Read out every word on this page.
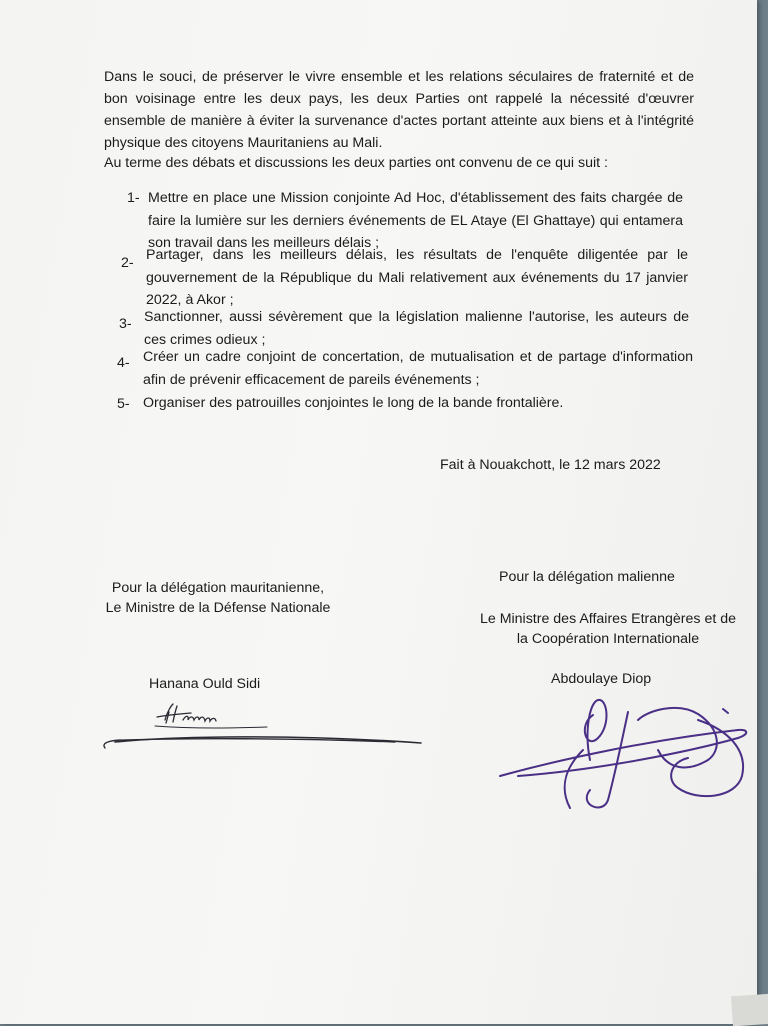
Dans le souci, de préserver le vivre ensemble et les relations séculaires de fraternité et de bon voisinage entre les deux pays, les deux Parties ont rappelé la nécessité d'œuvrer ensemble de manière à éviter la survenance d'actes portant atteinte aux biens et à l'intégrité physique des citoyens Mauritaniens au Mali.

Au terme des débats et discussions les deux parties ont convenu de ce qui suit :
1- Mettre en place une Mission conjointe Ad Hoc, d'établissement des faits chargée de faire la lumière sur les derniers événements de EL Ataye (El Ghattaye) qui entamera son travail dans les meilleurs délais ;

2- Partager, dans les meilleurs délais, les résultats de l'enquête diligentée par le gouvernement de la République du Mali relativement aux événements du 17 janvier 2022, à Akor ;

3- Sanctionner, aussi sévèrement que la législation malienne l'autorise, les auteurs de ces crimes odieux ;

4- Créer un cadre conjoint de concertation, de mutualisation et de partage d'information afin de prévenir efficacement de pareils événements ;

5- Organiser des patrouilles conjointes le long de la bande frontalière.

Fait à Nouakchott, le 12 mars 2022
Pour la délégation mauritanienne,
Le Ministre de la Défense Nationale
Hanana Ould Sidi
Pour la délégation malienne
Le Ministre des Affaires Etrangères et de
la Coopération Internationale
Abdoulaye Diop
